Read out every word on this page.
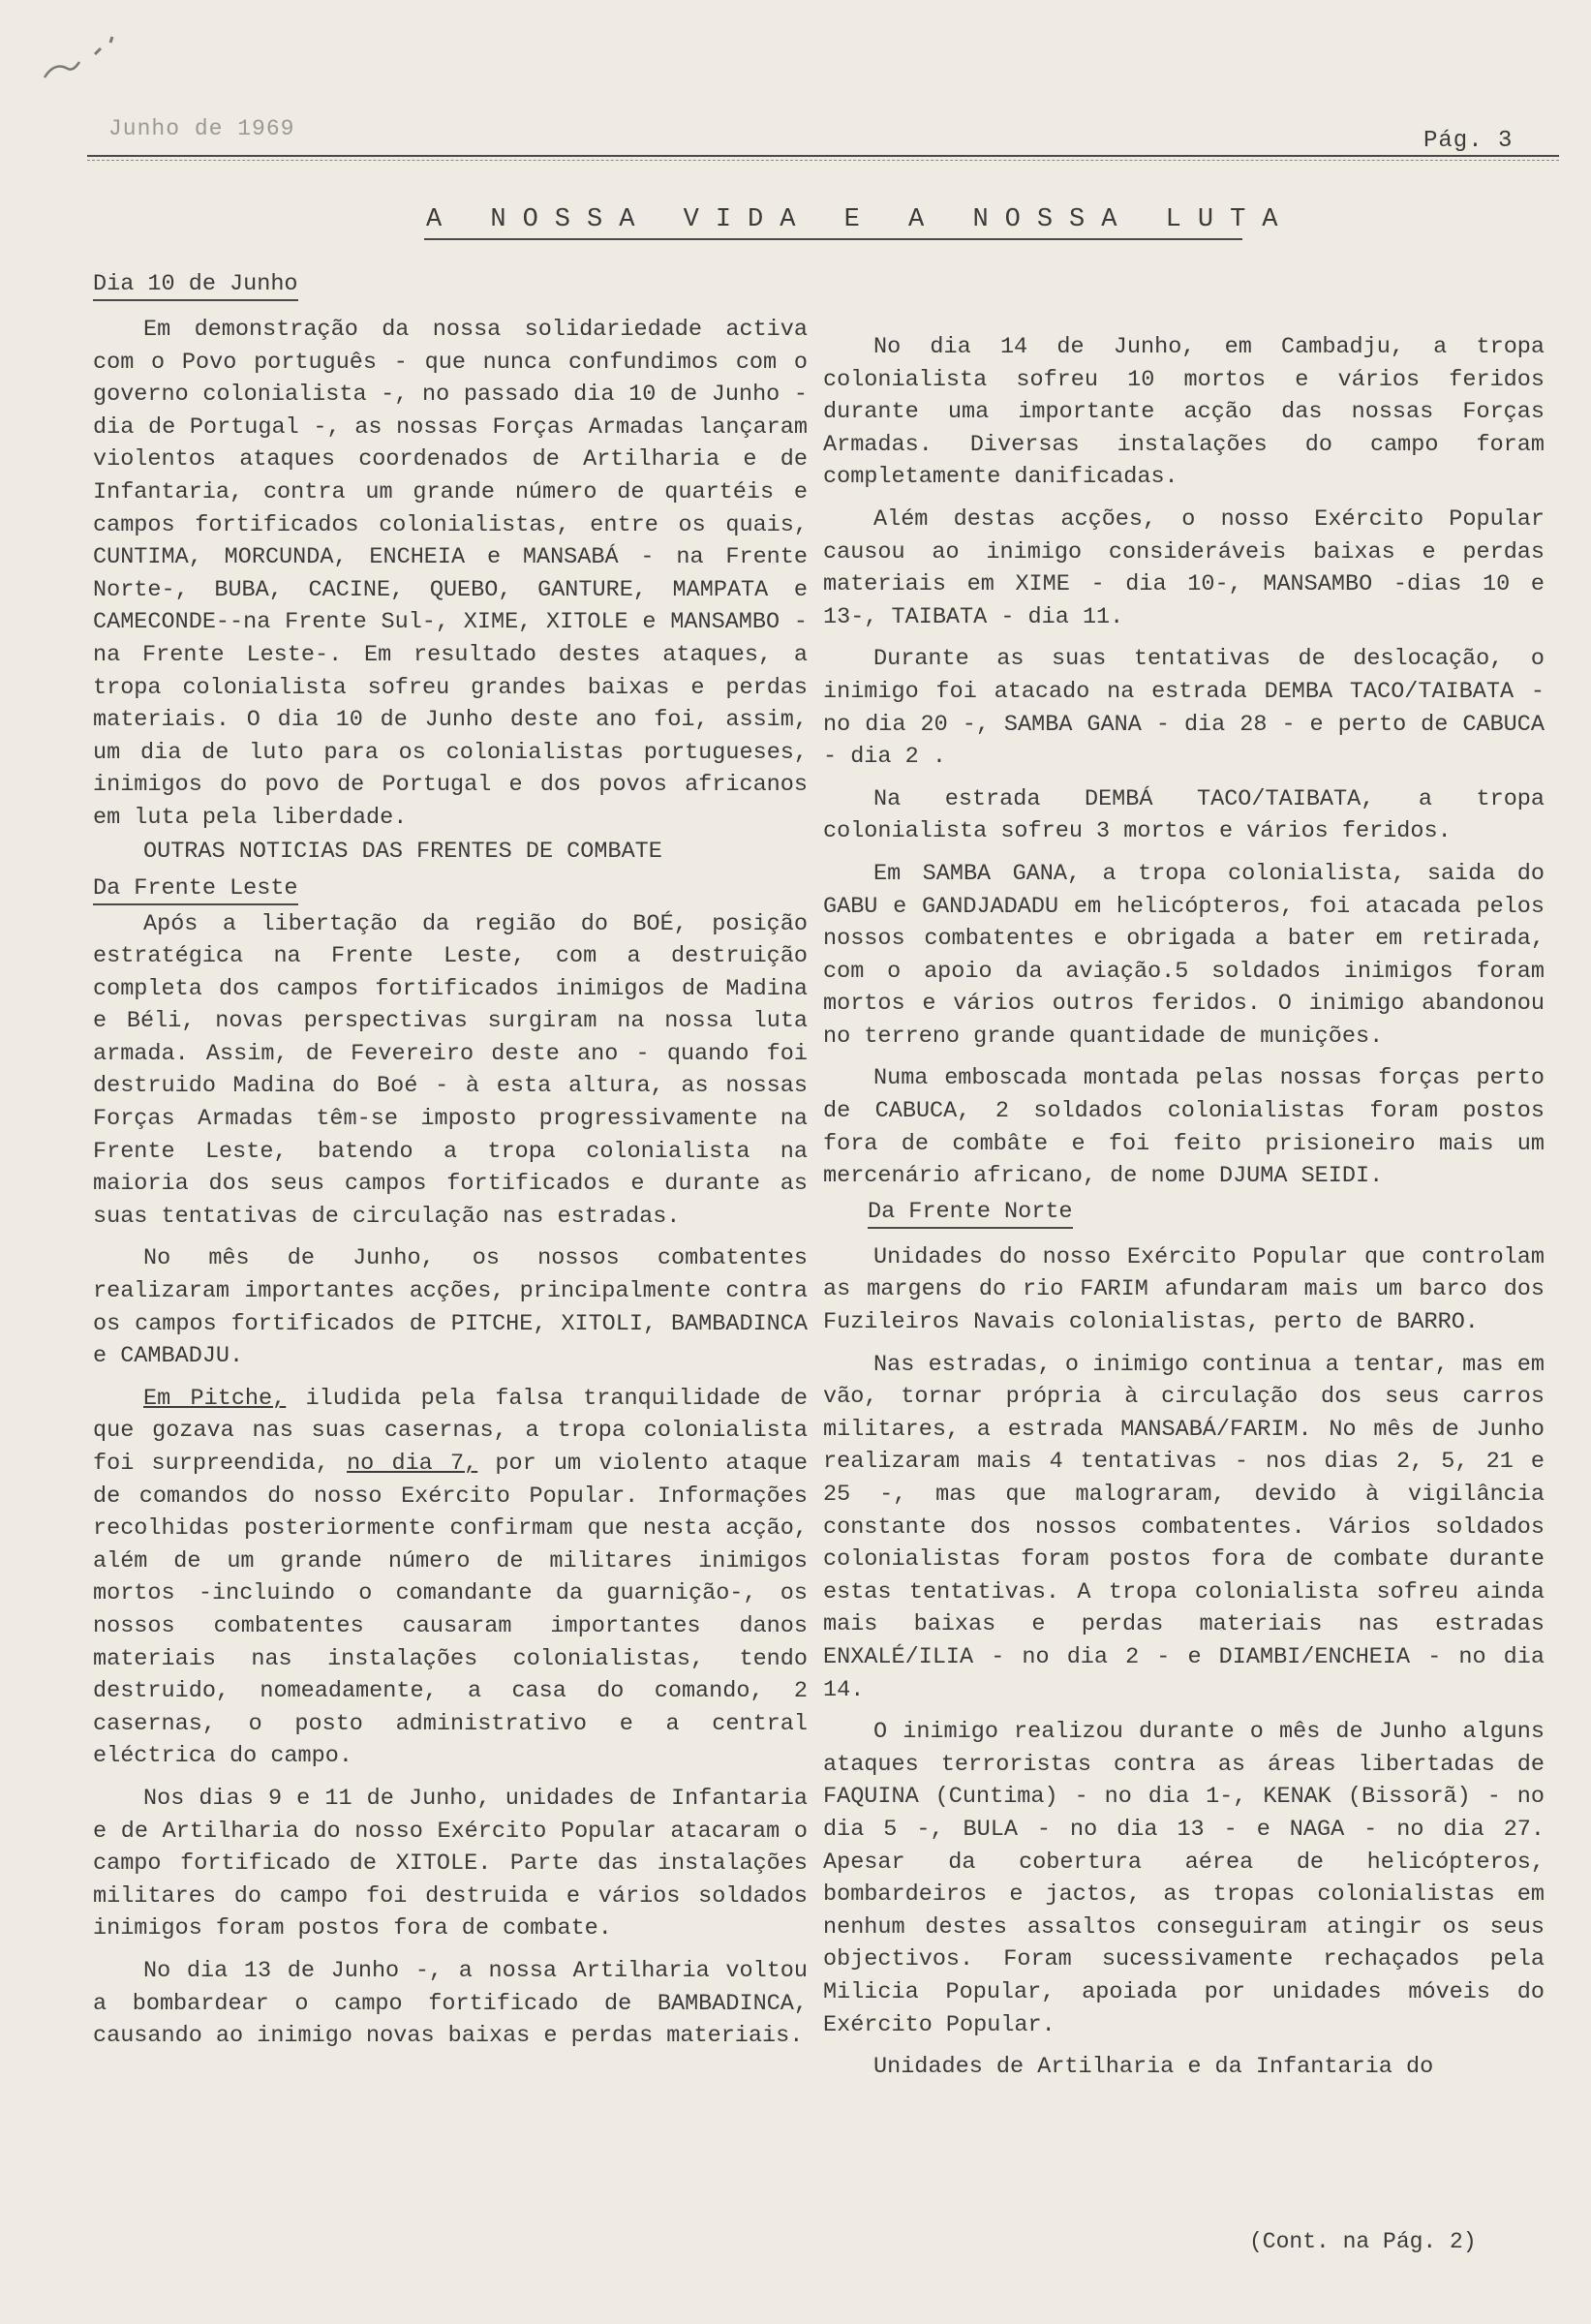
Junho de 1969	Pág. 3
A NOSSA VIDA E A NOSSA LUTA
Dia 10 de Junho

Em demonstração da nossa solidariedade activa com o Povo português - que nunca confundimos com o governo colonialista -, no passado dia 10 de Junho - dia de Portugal -, as nossas Forças Armadas lançaram violentos ataques coordenados de Artilharia e de Infantaria, contra um grande número de quartéis e campos fortificados colonialistas, entre os quais, CUNTIMA, MORCUNDA, ENCHEIA e MANSABÁ - na Frente Norte-, BUBA, CACINE, QUEBO, GANTURE, MAMPATA e CAMECONDE--na Frente Sul-, XIME, XITOLE e MANSAMBO -na Frente Leste-. Em resultado destes ataques, a tropa colonialista sofreu grandes baixas e perdas materiais. O dia 10 de Junho deste ano foi, assim, um dia de luto para os colonialistas portugueses, inimigos do povo de Portugal e dos povos africanos em luta pela liberdade.

OUTRAS NOTICIAS DAS FRENTES DE COMBATE

Da Frente Leste

Após a libertação da região do BOÉ, posição estratégica na Frente Leste, com a destruição completa dos campos fortificados inimigos de Madina e Béli, novas perspectivas surgiram na nossa luta armada. Assim, de Fevereiro deste ano - quando foi destruido Madina do Boé - à esta altura, as nossas Forças Armadas têm-se imposto progressivamente na Frente Leste, batendo a tropa colonialista na maioria dos seus campos fortificados e durante as suas tentativas de circulação nas estradas.

No mês de Junho, os nossos combatentes realizaram importantes acções, principalmente contra os campos fortificados de PITCHE, XITOLI, BAMBADINCA e CAMBADJU.

Em Pitche, iludida pela falsa tranquilidade de que gozava nas suas casernas, a tropa colonialista foi surpreendida, no dia 7, por um violento ataque de comandos do nosso Exército Popular. Informações recolhidas posteriormente confirmam que nesta acção, além de um grande número de militares inimigos mortos -incluindo o comandante da guarnição-, os nossos combatentes causaram importantes danos materiais nas instalações colonialistas, tendo destruido, nomeadamente, a casa do comando, 2 casernas, o posto administrativo e a central eléctrica do campo.

Nos dias 9 e 11 de Junho, unidades de Infantaria e de Artilharia do nosso Exército Popular atacaram o campo fortificado de XITOLE. Parte das instalações militares do campo foi destruida e vários soldados inimigos foram postos fora de combate.

No dia 13 de Junho -, a nossa Artilharia voltou a bombardear o campo fortificado de BAMBADINCA, causando ao inimigo novas baixas e perdas materiais.

No dia 14 de Junho, em Cambadju, a tropa colonialista sofreu 10 mortos e vários feridos durante uma importante acção das nossas Forças Armadas. Diversas instalações do campo foram completamente danificadas.

Além destas acções, o nosso Exército Popular causou ao inimigo consideráveis baixas e perdas materiais em XIME - dia 10-, MANSAMBO -dias 10 e 13-, TAIBATA - dia 11.

Durante as suas tentativas de deslocação, o inimigo foi atacado na estrada DEMBA TACO/TAIBATA - no dia 20 -, SAMBA GANA - dia 28 - e perto de CABUCA - dia 2 .

Na estrada DEMBÁ TACO/TAIBATA, a tropa colonialista sofreu 3 mortos e vários feridos.

Em SAMBA GANA, a tropa colonialista, saida do GABU e GANDJADADU em helicópteros, foi atacada pelos nossos combatentes e obrigada a bater em retirada, com o apoio da aviação.5 soldados inimigos foram mortos e vários outros feridos. O inimigo abandonou no terreno grande quantidade de munições.

Numa emboscada montada pelas nossas forças perto de CABUCA, 2 soldados colonialistas foram postos fora de combâte e foi feito prisioneiro mais um mercenário africano, de nome DJUMA SEIDI.

Da Frente Norte

Unidades do nosso Exército Popular que controlam as margens do rio FARIM afundaram mais um barco dos Fuzileiros Navais colonialistas, perto de BARRO.

Nas estradas, o inimigo continua a tentar, mas em vão, tornar própria à circulação dos seus carros militares, a estrada MANSABÁ/FARIM. No mês de Junho realizaram mais 4 tentativas - nos dias 2, 5, 21 e 25 -, mas que malograram, devido à vigilância constante dos nossos combatentes. Vários soldados colonialistas foram postos fora de combate durante estas tentativas. A tropa colonialista sofreu ainda mais baixas e perdas materiais nas estradas ENXALÉ/ILIA - no dia 2 - e DIAMBI/ENCHEIA - no dia 14.

O inimigo realizou durante o mês de Junho alguns ataques terroristas contra as áreas libertadas de FAQUINA (Cuntima) - no dia 1-, KENAK (Bissorã) - no dia 5 -, BULA - no dia 13 - e NAGA - no dia 27. Apesar da cobertura aérea de helicópteros, bombardeiros e jactos, as tropas colonialistas em nenhum destes assaltos conseguiram atingir os seus objectivos. Foram sucessivamente rechaçados pela Milicia Popular, apoiada por unidades móveis do Exército Popular.

Unidades de Artilharia e da Infantaria do

(Cont. na Pág. 2)
